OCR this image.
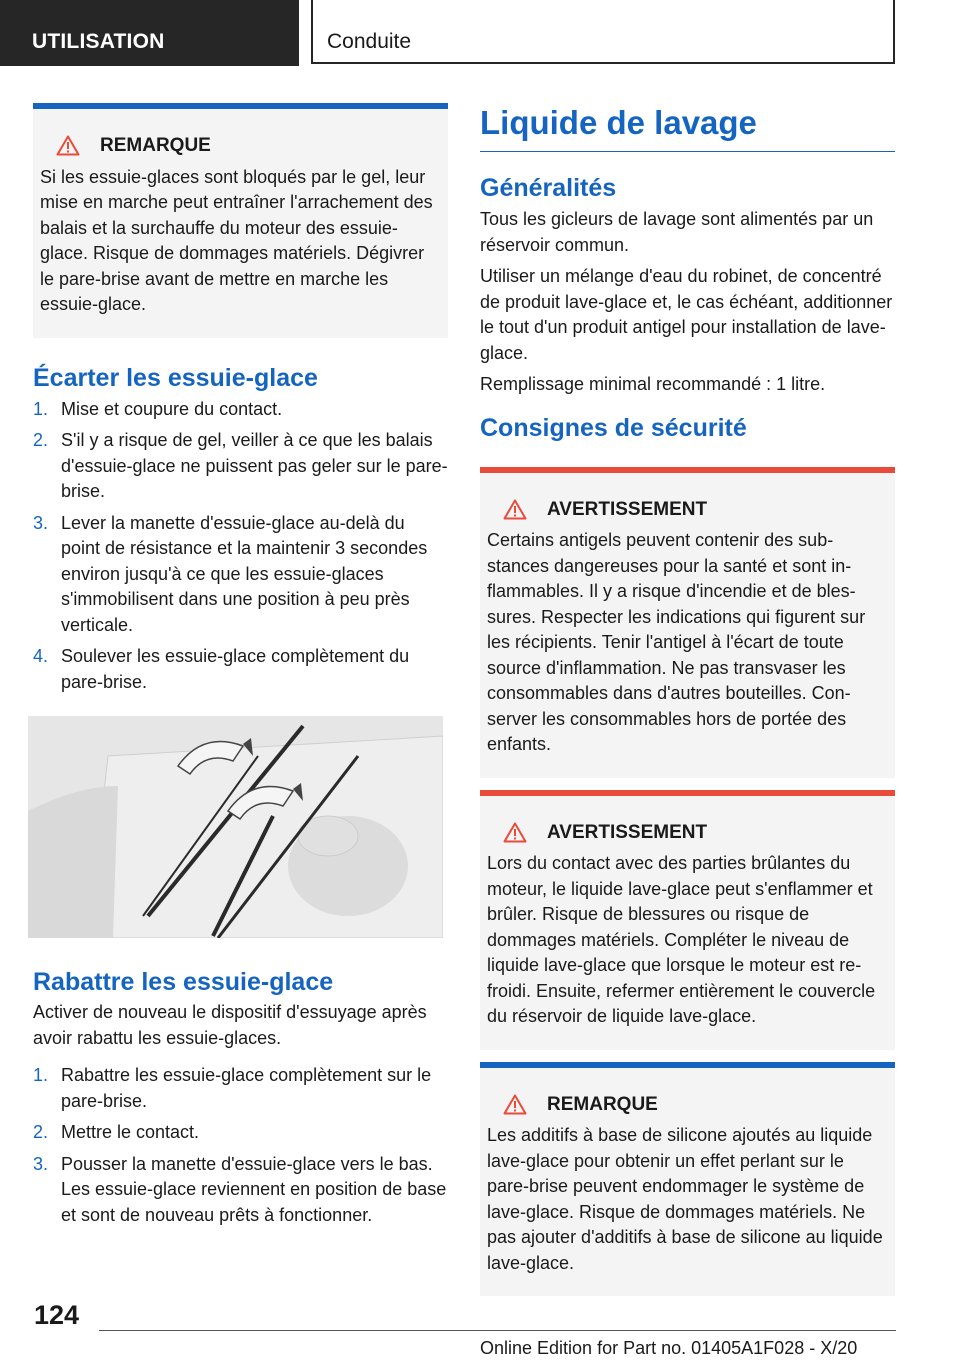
UTILISATION	Conduite
REMARQUE

Si les essuie-glaces sont bloqués par le gel, leur mise en marche peut entraîner l'arrachement des balais et la surchauffe du moteur des essuie-glace. Risque de dommages matériels. Dégivrer le pare-brise avant de mettre en marche les essuie-glace.

Écarter les essuie-glace
1. Mise et coupure du contact.
2. S'il y a risque de gel, veiller à ce que les balais d'essuie-glace ne puissent pas geler sur le pare-brise.
3. Lever la manette d'essuie-glace au-delà du point de résistance et la maintenir 3 secondes environ jusqu'à ce que les essuie-glaces s'immobilisent dans une position à peu près verticale.
4. Soulever les essuie-glace complètement du pare-brise.
Rabattre les essuie-glace

Activer de nouveau le dispositif d'essuyage après avoir rabattu les essuie-glaces.

1. Rabattre les essuie-glace complètement sur le pare-brise.
2. Mettre le contact.
3. Pousser la manette d'essuie-glace vers le bas. Les essuie-glace reviennent en position de base et sont de nouveau prêts à fonctionner.
Liquide de lavage
Généralités

Tous les gicleurs de lavage sont alimentés par un réservoir commun.

Utiliser un mélange d'eau du robinet, de concentré de produit lave-glace et, le cas échéant, additionner le tout d'un produit antigel pour installation de lave-glace.

Remplissage minimal recommandé : 1 litre.

Consignes de sécurité
AVERTISSEMENT

Certains antigels peuvent contenir des substances dangereuses pour la santé et sont inflammables. Il y a risque d'incendie et de blessures. Respecter les indications qui figurent sur les récipients. Tenir l'antigel à l'écart de toute source d'inflammation. Ne pas transvaser les consommables dans d'autres bouteilles. Conserver les consommables hors de portée des enfants.

AVERTISSEMENT

Lors du contact avec des parties brûlantes du moteur, le liquide lave-glace peut s'enflammer et brûler. Risque de blessures ou risque de dommages matériels. Compléter le niveau de liquide lave-glace que lorsque le moteur est refroidi. Ensuite, refermer entièrement le couvercle du réservoir de liquide lave-glace.

REMARQUE

Les additifs à base de silicone ajoutés au liquide lave-glace pour obtenir un effet perlant sur le pare-brise peuvent endommager le système de lave-glace. Risque de dommages matériels. Ne pas ajouter d'additifs à base de silicone au liquide lave-glace.

124
Online Edition for Part no. 01405A1F028 - X/20
